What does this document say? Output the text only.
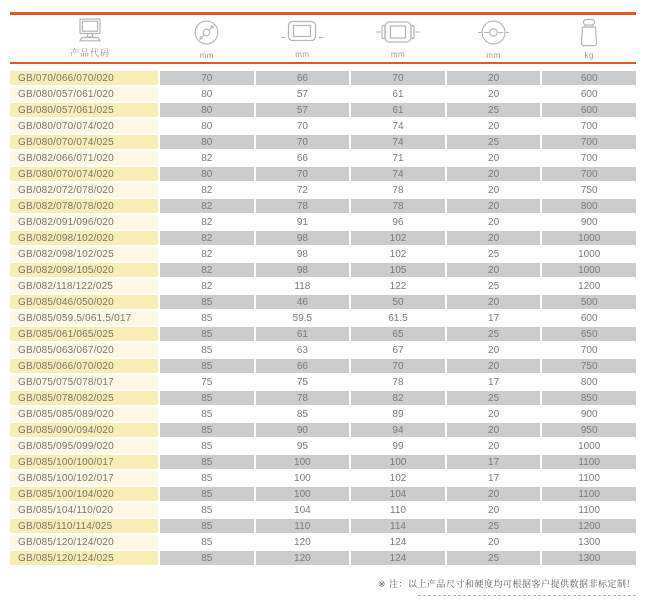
产品代码	mm	mm	mm	mm	kg
GB/070/066/070/020	70	66	70	20	600
GB/080/057/061/020	80	57	61	20	600
GB/080/057/061/025	80	57	61	25	600
GB/080/070/074/020	80	70	74	20	700
GB/080/070/074/025	80	70	74	25	700
GB/082/066/071/020	82	66	71	20	700
GB/080/070/074/020	80	70	74	20	700
GB/082/072/078/020	82	72	78	20	750
GB/082/078/078/020	82	78	78	20	800
GB/082/091/096/020	82	91	96	20	900
GB/082/098/102/020	82	98	102	20	1000
GB/082/098/102/025	82	98	102	25	1000
GB/082/098/105/020	82	98	105	20	1000
GB/082/118/122/025	82	118	122	25	1200
GB/085/046/050/020	85	46	50	20	500
GB/085/059.5/061.5/017	85	59.5	61.5	17	600
GB/085/061/065/025	85	61	65	25	650
GB/085/063/067/020	85	63	67	20	700
GB/085/066/070/020	85	66	70	20	750
GB/075/075/078/017	75	75	78	17	800
GB/085/078/082/025	85	78	82	25	850
GB/085/085/089/020	85	85	89	20	900
GB/085/090/094/020	85	90	94	20	950
GB/085/095/099/020	85	95	99	20	1000
GB/085/100/100/017	85	100	100	17	1100
GB/085/100/102/017	85	100	102	17	1100
GB/085/100/104/020	85	100	104	20	1100
GB/085/104/110/020	85	104	110	20	1100
GB/085/110/114/025	85	110	114	25	1200
GB/085/120/124/020	85	120	124	20	1300
GB/085/120/124/025	85	120	124	25	1300
※ 注：以上产品尺寸和硬度均可根据客户提供数据非标定制！
